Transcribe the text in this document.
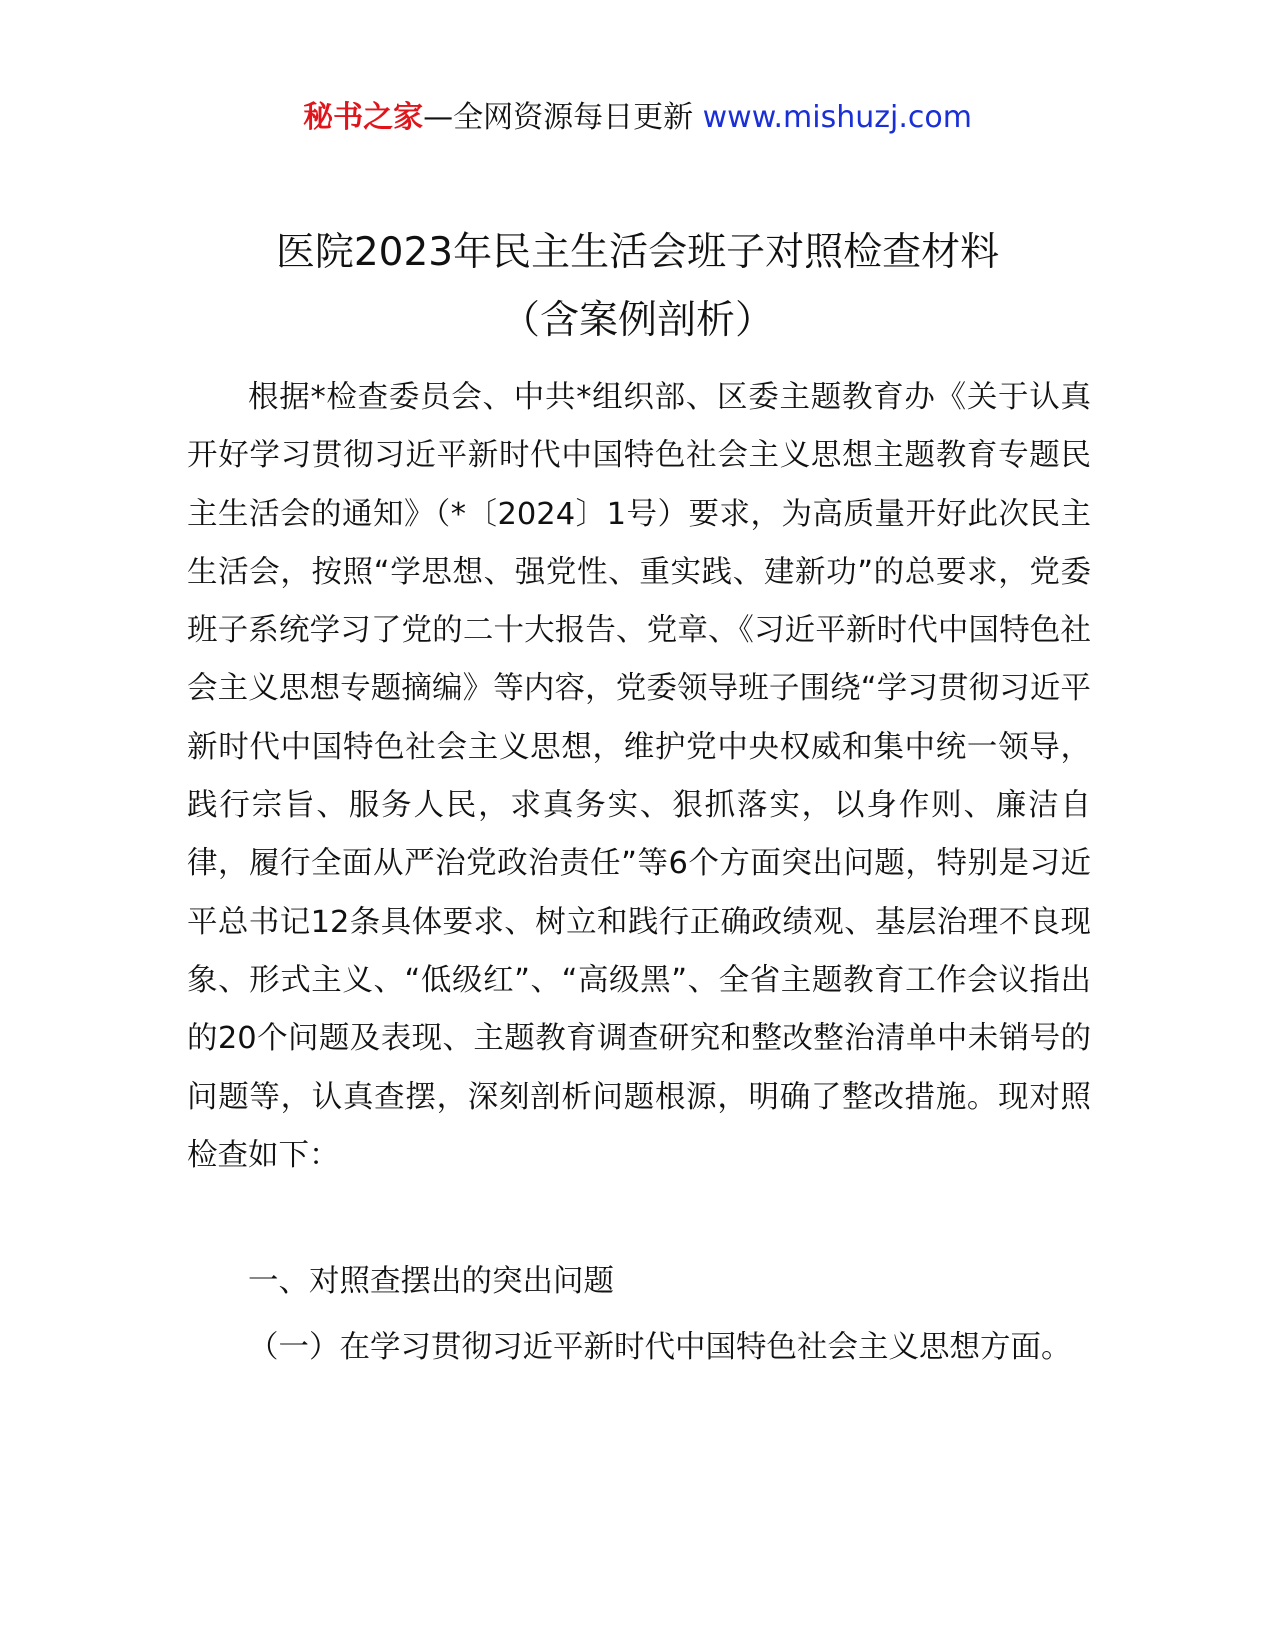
秘书之家—全网资源每日更新 www.mishuzj.com
医院2023年民主生活会班子对照检查材料
（含案例剖析）

根据*检查委员会、中共*组织部、区委主题教育办《关于认真开好学习贯彻习近平新时代中国特色社会主义思想主题教育专题民主生活会的通知》（*〔2024〕1号）要求，为高质量开好此次民主生活会，按照“学思想、强党性、重实践、建新功”的总要求，党委班子系统学习了党的二十大报告、党章、《习近平新时代中国特色社会主义思想专题摘编》等内容，党委领导班子围绕“学习贯彻习近平新时代中国特色社会主义思想，维护党中央权威和集中统一领导，践行宗旨、服务人民，求真务实、狠抓落实，以身作则、廉洁自律，履行全面从严治党政治责任”等6个方面突出问题，特别是习近平总书记12条具体要求、树立和践行正确政绩观、基层治理不良现象、形式主义、“低级红”、“高级黑”、全省主题教育工作会议指出的20个问题及表现、主题教育调查研究和整改整治清单中未销号的问题等，认真查摆，深刻剖析问题根源，明确了整改措施。现对照检查如下：

一、对照查摆出的突出问题

（一）在学习贯彻习近平新时代中国特色社会主义思想方面。
